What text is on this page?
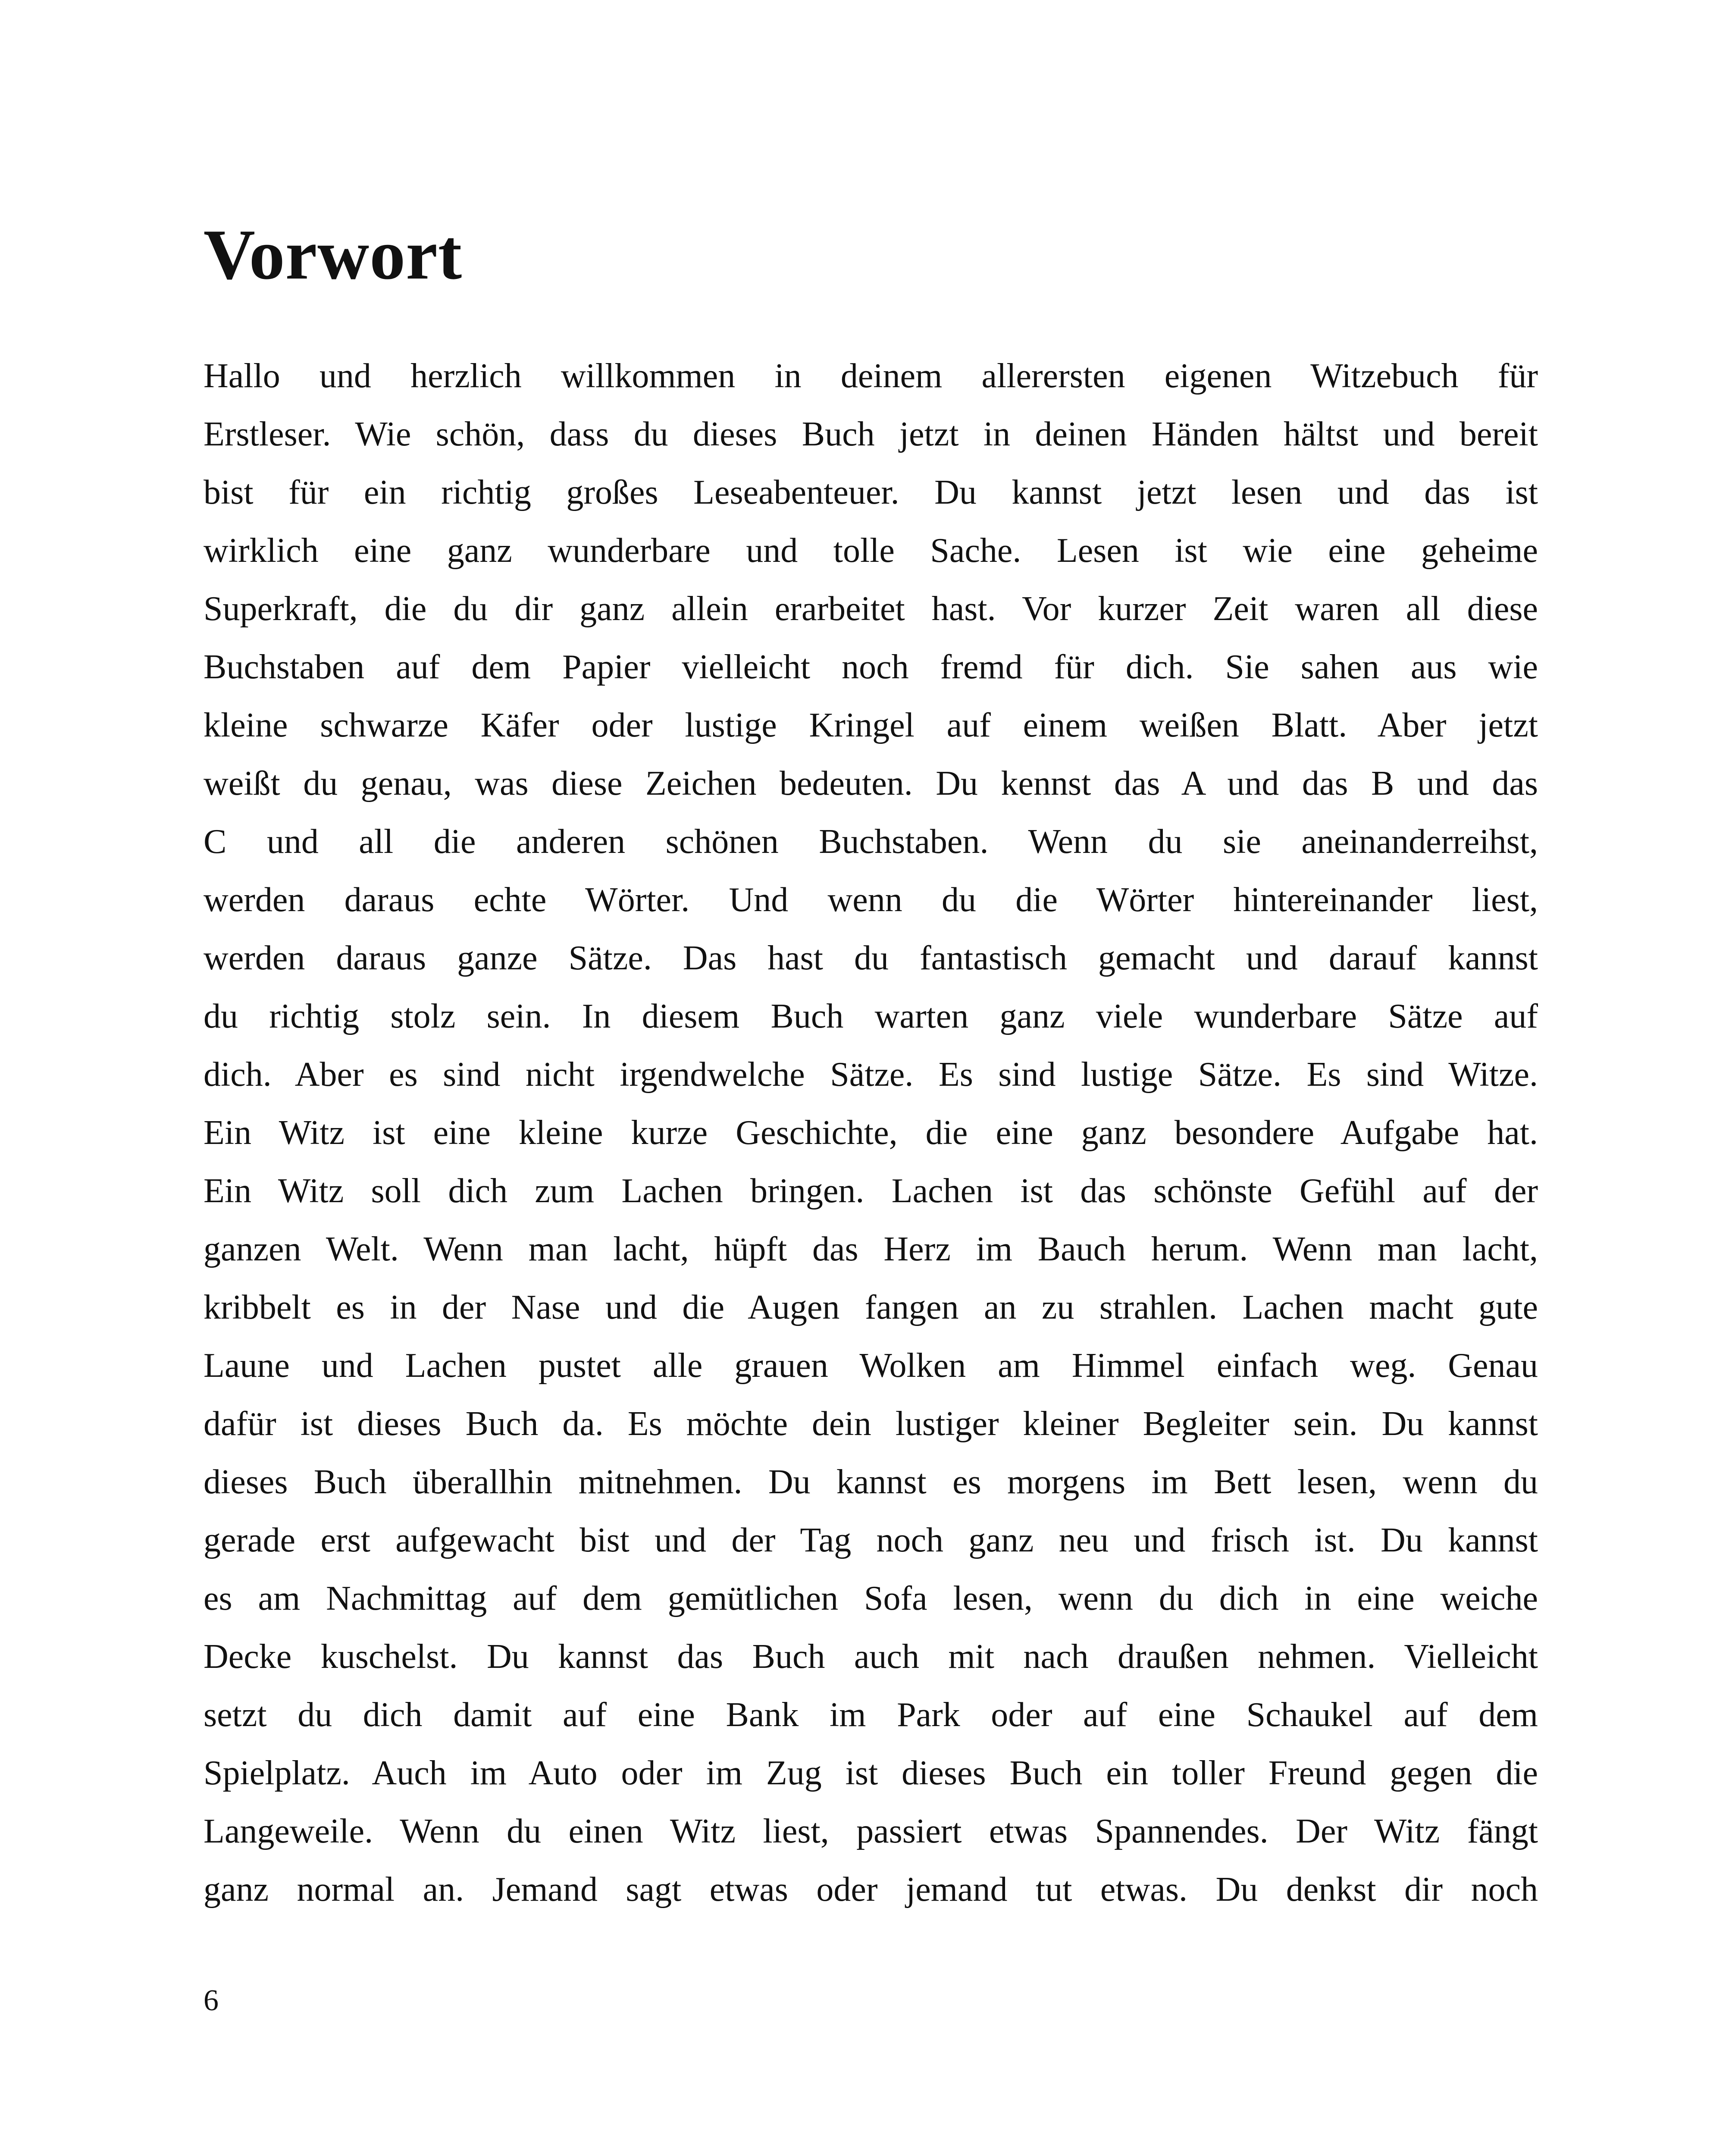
Vorwort
Hallo und herzlich willkommen in deinem allerersten eigenen Witzebuch für
Erstleser. Wie schön, dass du dieses Buch jetzt in deinen Händen hältst und bereit
bist für ein richtig großes Leseabenteuer. Du kannst jetzt lesen und das ist
wirklich eine ganz wunderbare und tolle Sache. Lesen ist wie eine geheime
Superkraft, die du dir ganz allein erarbeitet hast. Vor kurzer Zeit waren all diese
Buchstaben auf dem Papier vielleicht noch fremd für dich. Sie sahen aus wie
kleine schwarze Käfer oder lustige Kringel auf einem weißen Blatt. Aber jetzt
weißt du genau, was diese Zeichen bedeuten. Du kennst das A und das B und das
C und all die anderen schönen Buchstaben. Wenn du sie aneinanderreihst,
werden daraus echte Wörter. Und wenn du die Wörter hintereinander liest,
werden daraus ganze Sätze. Das hast du fantastisch gemacht und darauf kannst
du richtig stolz sein. In diesem Buch warten ganz viele wunderbare Sätze auf
dich. Aber es sind nicht irgendwelche Sätze. Es sind lustige Sätze. Es sind Witze.
Ein Witz ist eine kleine kurze Geschichte, die eine ganz besondere Aufgabe hat.
Ein Witz soll dich zum Lachen bringen. Lachen ist das schönste Gefühl auf der
ganzen Welt. Wenn man lacht, hüpft das Herz im Bauch herum. Wenn man lacht,
kribbelt es in der Nase und die Augen fangen an zu strahlen. Lachen macht gute
Laune und Lachen pustet alle grauen Wolken am Himmel einfach weg. Genau
dafür ist dieses Buch da. Es möchte dein lustiger kleiner Begleiter sein. Du kannst
dieses Buch überallhin mitnehmen. Du kannst es morgens im Bett lesen, wenn du
gerade erst aufgewacht bist und der Tag noch ganz neu und frisch ist. Du kannst
es am Nachmittag auf dem gemütlichen Sofa lesen, wenn du dich in eine weiche
Decke kuschelst. Du kannst das Buch auch mit nach draußen nehmen. Vielleicht
setzt du dich damit auf eine Bank im Park oder auf eine Schaukel auf dem
Spielplatz. Auch im Auto oder im Zug ist dieses Buch ein toller Freund gegen die
Langeweile. Wenn du einen Witz liest, passiert etwas Spannendes. Der Witz fängt
ganz normal an. Jemand sagt etwas oder jemand tut etwas. Du denkst dir noch
6
